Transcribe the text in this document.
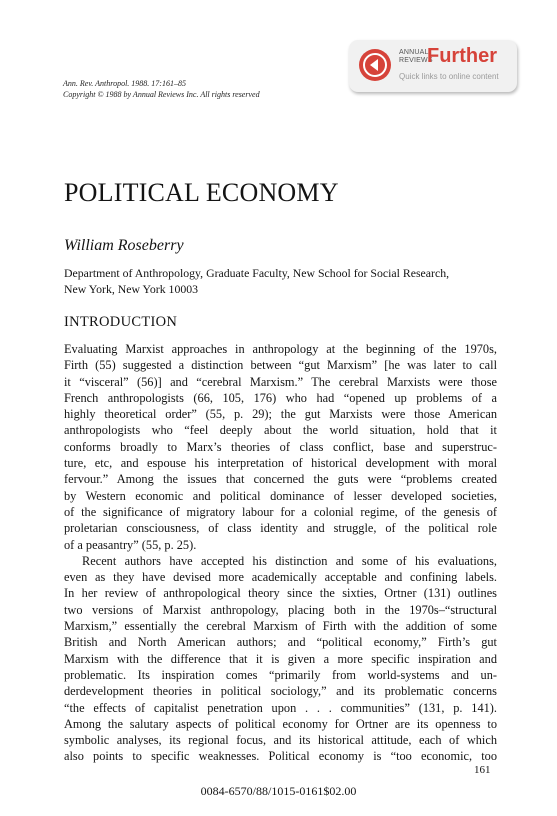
ANNUAL
REVIEWS
Further
Quick links to online content
Ann. Rev. Anthropol. 1988. 17:161–85
Copyright © 1988 by Annual Reviews Inc. All rights reserved
POLITICAL ECONOMY
William Roseberry
Department of Anthropology, Graduate Faculty, New School for Social Research,
New York, New York 10003
INTRODUCTION

Evaluating Marxist approaches in anthropology at the beginning of the 1970s,

Firth (55) suggested a distinction between “gut Marxism” [he was later to call

it “visceral” (56)] and “cerebral Marxism.” The cerebral Marxists were those

French anthropologists (66, 105, 176) who had “opened up problems of a

highly theoretical order” (55, p. 29); the gut Marxists were those American

anthropologists who “feel deeply about the world situation, hold that it

conforms broadly to Marx’s theories of class conflict, base and superstruc-

ture, etc, and espouse his interpretation of historical development with moral

fervour.” Among the issues that concerned the guts were “problems created

by Western economic and political dominance of lesser developed societies,

of the significance of migratory labour for a colonial regime, of the genesis of

proletarian consciousness, of class identity and struggle, of the political role

of a peasantry” (55, p. 25).

Recent authors have accepted his distinction and some of his evaluations,

even as they have devised more academically acceptable and confining labels.

In her review of anthropological theory since the sixties, Ortner (131) outlines

two versions of Marxist anthropology, placing both in the 1970s–“structural

Marxism,” essentially the cerebral Marxism of Firth with the addition of some

British and North American authors; and “political economy,” Firth’s gut

Marxism with the difference that it is given a more specific inspiration and

problematic. Its inspiration comes “primarily from world-systems and un-

derdevelopment theories in political sociology,” and its problematic concerns

“the effects of capitalist penetration upon . . . communities” (131, p. 141).

Among the salutary aspects of political economy for Ortner are its openness to

symbolic analyses, its regional focus, and its historical attitude, each of which

also points to specific weaknesses. Political economy is “too economic, too

161
0084-6570/88/1015-0161$02.00
